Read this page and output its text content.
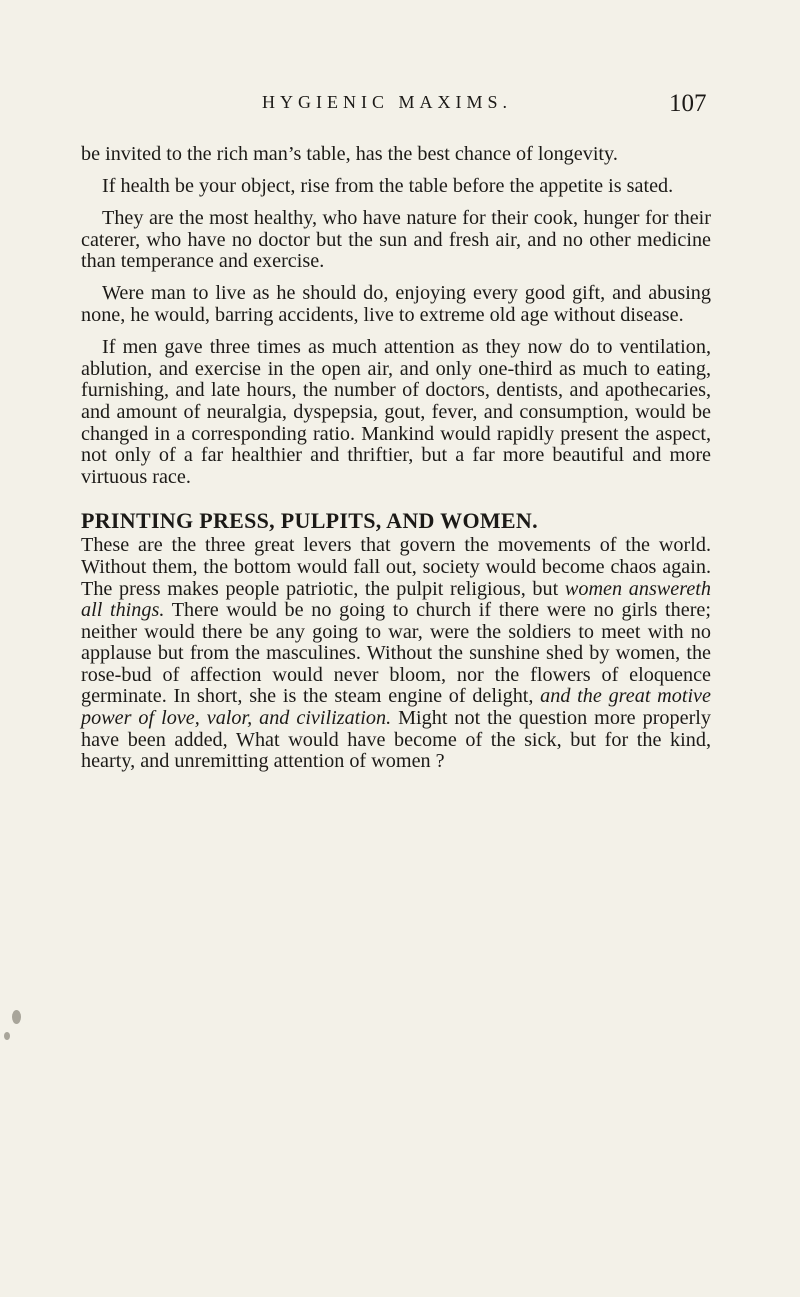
HYGIENIC MAXIMS.	107

be invited to the rich man’s table, has the best chance of longevity.

If health be your object, rise from the table before the appetite is sated.

They are the most healthy, who have nature for their cook, hunger for their caterer, who have no doctor but the sun and fresh air, and no other medicine than temperance and exercise.

Were man to live as he should do, enjoying every good gift, and abusing none, he would, barring accidents, live to extreme old age without disease.

If men gave three times as much attention as they now do to ventilation, ablution, and exercise in the open air, and only one-third as much to eating, furnishing, and late hours, the number of doctors, dentists, and apothecaries, and amount of neuralgia, dyspepsia, gout, fever, and consumption, would be changed in a corresponding ratio. Mankind would rapidly present the aspect, not only of a far healthier and thriftier, but a far more beautiful and more virtuous race.

PRINTING PRESS, PULPITS, AND WOMEN.

These are the three great levers that govern the movements of the world. Without them, the bottom would fall out, society would become chaos again. The press makes people patriotic, the pulpit religious, but women answereth all things. There would be no going to church if there were no girls there; neither would there be any going to war, were the soldiers to meet with no applause but from the masculines. Without the sunshine shed by women, the rose-bud of affection would never bloom, nor the flowers of eloquence germinate. In short, she is the steam engine of delight, and the great motive power of love, valor, and civilization. Might not the question more properly have been added, What would have become of the sick, but for the kind, hearty, and unremitting attention of women ?
